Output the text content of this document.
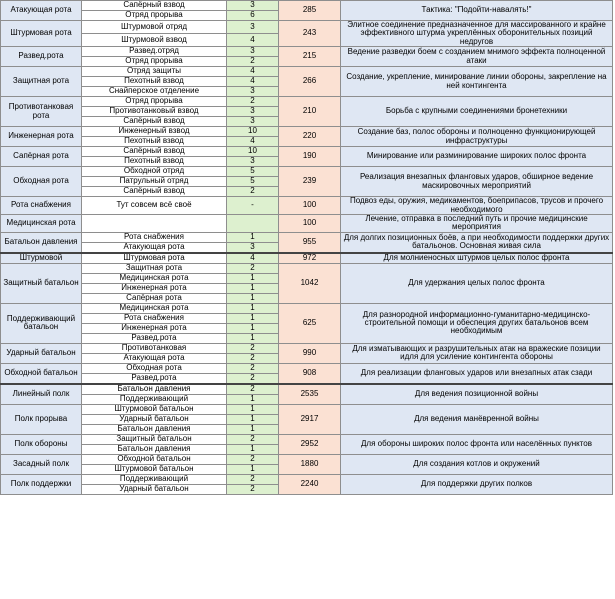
Атакующая рота	Сапёрный взвод	3	285	Тактика: "Подойти-навалять!"
	Отряд прорыва	6		
Штурмовая рота	Штурмовой отряд	3	243	Элитное соединение предназначенное для массированного и крайне эффективного штурма укреплённых оборонительных позиций недругов
	Штурмовой взвод	4		
Развед.рота	Развед.отряд	3	215	Ведение разведки боем с созданием мнимого эффекта полноценной атаки
	Отряд прорыва	2		
Защитная рота	Отряд защиты	4	266	Создание, укрепление, минирование линии обороны, закрепление на ней контингента
	Пехотный взвод	4		
	Снайперское отделение	3		
Противотанковая рота	Отряд прорыва	2	210	Борьба с крупными соединениями бронетехники
	Противотанковый взвод	3		
	Сапёрный взвод	3		
Инженерная рота	Инженерный взвод	10	220	Создание баз, полос обороны и полноценно функционирующей инфраструктуры
	Пехотный взвод	4		
Сапёрная рота	Сапёрный взвод	10	190	Минирование или разминирование широких полос фронта
	Пехотный взвод	3		
Обходная рота	Обходной отряд	5	239	Реализация внезапных фланговых ударов, обширное ведение маскировочных мероприятий
	Патрульный отряд	5		
	Сапёрный взвод	2		
Рота снабжения	Тут совсем всё своё	-	100	Подвоз еды, оружия, медикаментов, боеприпасов, трусов и прочего необходимого
Медицинская рота			100	Лечение, отправка в последний путь и прочие медицинские мероприятия
Батальон давления	Рота снабжения	1	955	Для долгих позиционных боёв, а при необходимости поддержки других батальонов. Основная живая сила
	Атакующая рота	3		
Штурмовой	Штурмовая рота	4	972	Для молниеносных штурмов целых полос фронта
Защитный батальон	Защитная рота	2	1042	Для удержания целых полос фронта
	Медицинская рота	1		
	Инженерная рота	1		
	Сапёрная рота	1		
Поддерживающий батальон	Медицинская рота	1	625	Для разнородной информационно-гуманитарно-медицинско-строительной помощи и обеспеция других батальонов всем необходимым
	Рота снабжения	1		
	Инженерная рота	1		
	Развед.рота	1		
Ударный батальон	Противотанковая	2	990	Для изматывающих и разрушительных атак на вражеские позиции идля для усиление контингента обороны
	Атакующая рота	2		
Обходной батальон	Обходная рота	2	908	Для реализации фланговых ударов или внезапных атак сзади
	Развед.рота	2		
Линейный полк	Батальон давления	2	2535	Для ведения позиционной войны
	Поддерживающий	1		
Полк прорыва	Штурмовой батальон	1	2917	Для ведения манёвренной войны
	Ударный батальон	1		
	Батальон давления	1		
Полк обороны	Защитный батальон	2	2952	Для обороны широких полос фронта или населённых пунктов
	Батальон давления	1		
Засадный полк	Обходной батальон	2	1880	Для создания котлов и окружений
	Штурмовой батальон	1		
Полк поддержки	Поддерживающий	2	2240	Для поддержки других полков
	Ударный батальон	2		
